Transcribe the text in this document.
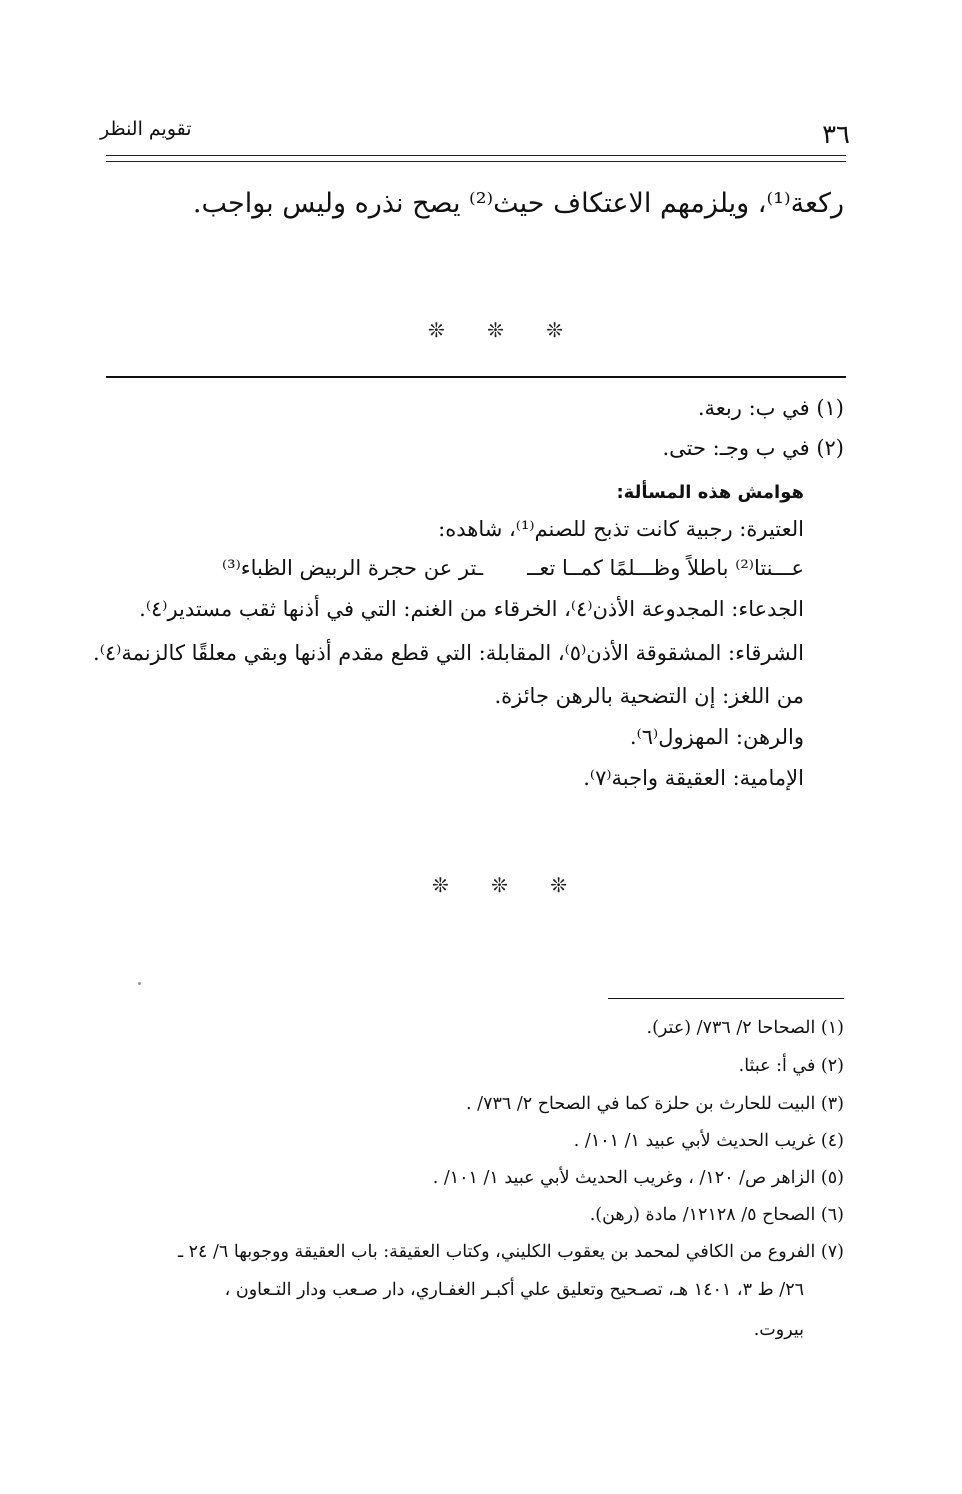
تقويم النظر	٣٦
ركعة⁽¹⁾، ويلزمهم الاعتكاف حيث⁽²⁾ يصح نذره وليس بواجب.
❊ ❊ ❊
(١) في ب: ربعة.
(٢) في ب وجـ: حتى.
هوامش هذه المسألة:
العتيرة: رجبية كانت تذبح للصنم⁽¹⁾، شاهده:
عـــنتا⁽²⁾ باطلاً وظـــلمًا كمــا تعــ
ـتر عن حجرة الربيض الظباء⁽³⁾
الجدعاء: المجدوعة الأذن⁽٤⁾، الخرقاء من الغنم: التي في أذنها ثقب مستدير⁽٤⁾.
الشرقاء: المشقوقة الأذن⁽٥⁾، المقابلة: التي قطع مقدم أذنها وبقي معلقًا كالزنمة⁽٤⁾.
من اللغز: إن التضحية بالرهن جائزة.
والرهن: المهزول⁽٦⁾.
الإمامية: العقيقة واجبة⁽٧⁾.
❊ ❊ ❊
(١) الصحاحا ٢/ ٧٣٦/ (عتر).
(٢) في أ: عبثا.
(٣) البيت للحارث بن حلزة كما في الصحاح ٢/ ٧٣٦/ .
(٤) غريب الحديث لأبي عبيد ١/ ١٠١/ .
(٥) الزاهر ص/ ١٢٠/ ، وغريب الحديث لأبي عبيد ١/ ١٠١/ .
(٦) الصحاح ٥/ ١٢١٢٨/ مادة (رهن).
(٧) الفروع من الكافي لمحمد بن يعقوب الكليني، وكتاب العقيقة: باب العقيقة ووجوبها ٦/ ٢٤ ـ
٢٦/ ط ٣، ١٤٠١ هـ، تصـحيح وتعليق علي أكبـر الغفـاري، دار صـعب ودار التـعاون ،
بيروت.
